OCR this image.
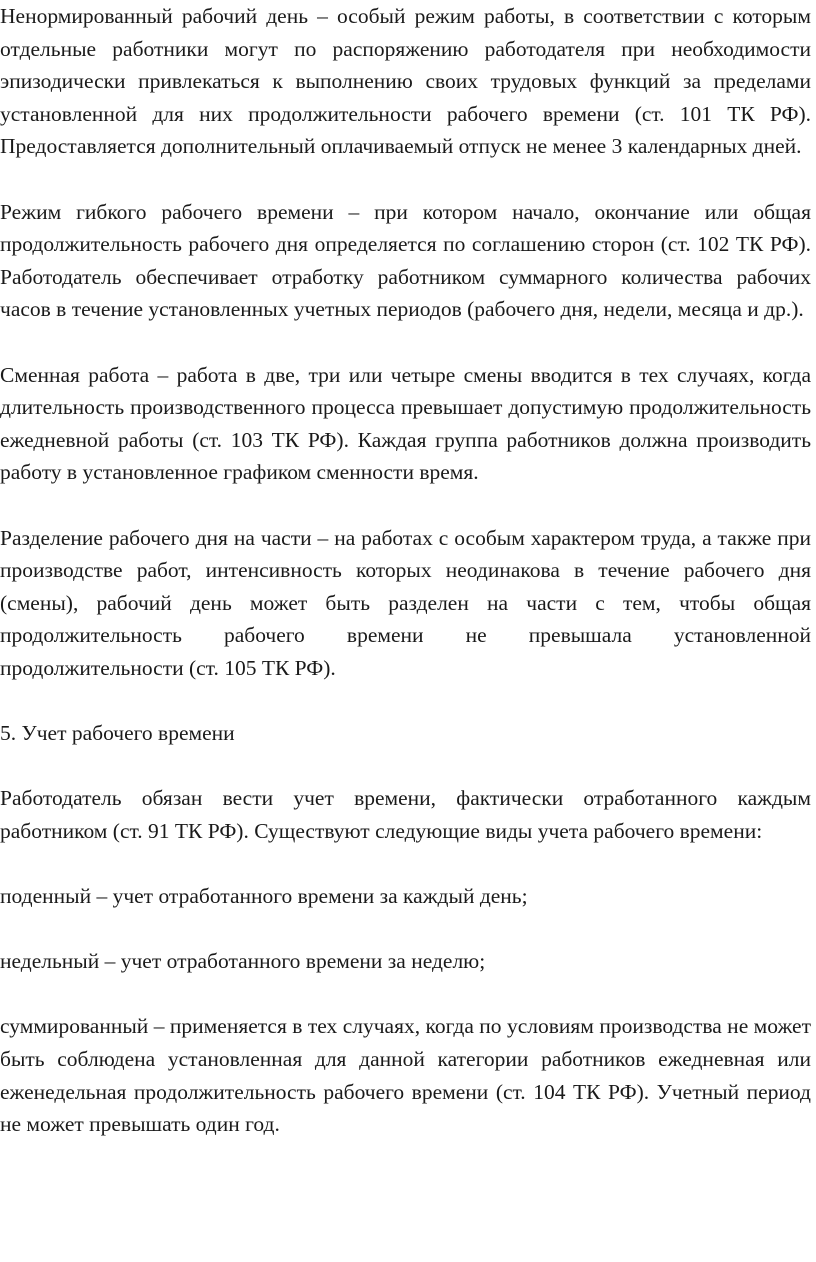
Ненормированный рабочий день – особый режим работы, в соответствии с которым отдельные работники могут по распоряжению работодателя при необходимости эпизодически привлекаться к выполнению своих трудовых функций за пределами установленной для них продолжительности рабочего времени (ст. 101 ТК РФ). Предоставляется дополнительный оплачиваемый отпуск не менее 3 календарных дней.

Режим гибкого рабочего времени – при котором начало, окончание или общая продолжительность рабочего дня определяется по соглашению сторон (ст. 102 ТК РФ). Работодатель обеспечивает отработку работником суммарного количества рабочих часов в течение установленных учетных периодов (рабочего дня, недели, месяца и др.).

Сменная работа – работа в две, три или четыре смены вводится в тех случаях, когда длительность производственного процесса превышает допустимую продолжительность ежедневной работы (ст. 103 ТК РФ). Каждая группа работников должна производить работу в установленное графиком сменности время.

Разделение рабочего дня на части – на работах с особым характером труда, а также при производстве работ, интенсивность которых неодинакова в течение рабочего дня (смены), рабочий день может быть разделен на части с тем, чтобы общая продолжительность рабочего времени не превышала установленной продолжительности (ст. 105 ТК РФ).

5. Учет рабочего времени

Работодатель обязан вести учет времени, фактически отработанного каждым работником (ст. 91 ТК РФ). Существуют следующие виды учета рабочего времени:

поденный – учет отработанного времени за каждый день;

недельный – учет отработанного времени за неделю;

суммированный – применяется в тех случаях, когда по условиям производства не может быть соблюдена установленная для данной категории работников ежедневная или еженедельная продолжительность рабочего времени (ст. 104 ТК РФ). Учетный период не может превышать один год.
